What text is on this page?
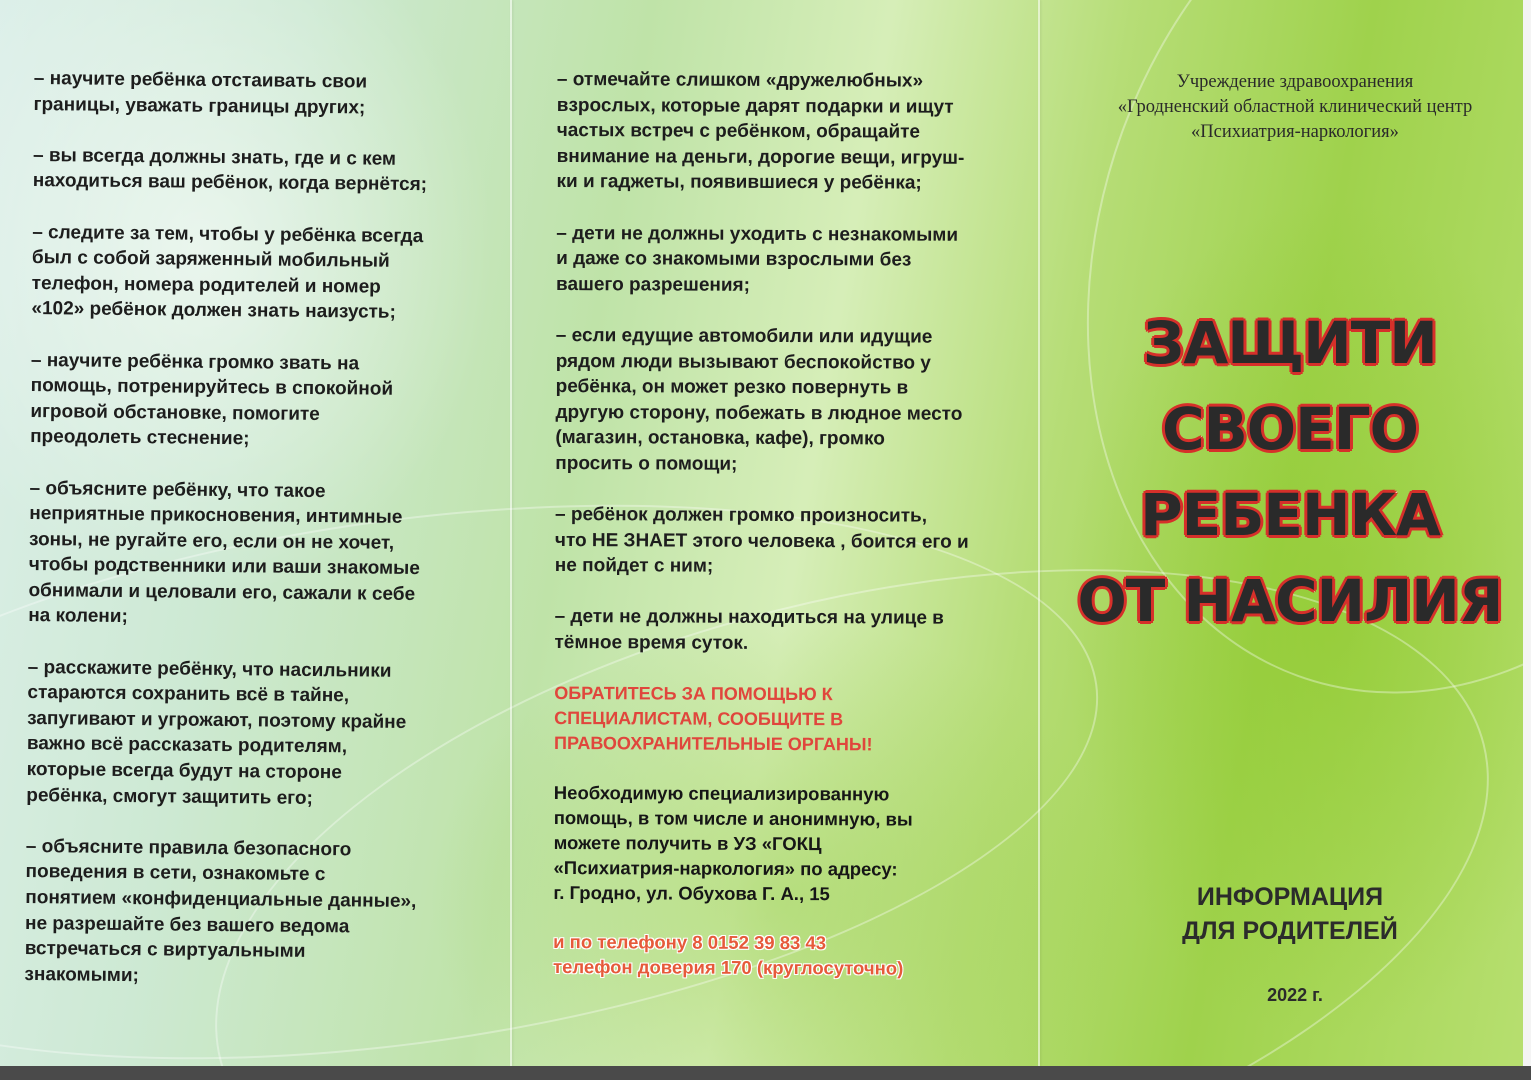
– научите ребёнка отстаивать свои
границы, уважать границы других;

– вы всегда должны знать, где и с кем
находиться ваш ребёнок, когда вернётся;

– следите за тем, чтобы у ребёнка всегда
был с собой заряженный мобильный
телефон, номера родителей и номер
«102» ребёнок должен знать наизусть;

– научите ребёнка громко звать на
помощь, потренируйтесь в спокойной
игровой обстановке, помогите
преодолеть стеснение;

– объясните ребёнку, что такое
неприятные прикосновения, интимные
зоны, не ругайте его, если он не хочет,
чтобы родственники или ваши знакомые
обнимали и целовали его, сажали к себе
на колени;

– расскажите ребёнку, что насильники
стараются сохранить всё в тайне,
запугивают и угрожают, поэтому крайне
важно всё рассказать родителям,
которые всегда будут на стороне
ребёнка, смогут защитить его;

– объясните правила безопасного
поведения в сети, ознакомьте с
понятием «конфиденциальные данные»,
не разрешайте без вашего ведома
встречаться с виртуальными
знакомыми;

– отмечайте слишком «дружелюбных»
взрослых, которые дарят подарки и ищут
частых встреч с ребёнком, обращайте
внимание на деньги, дорогие вещи, игруш-
ки и гаджеты, появившиеся у ребёнка;

– дети не должны уходить с незнакомыми
и даже со знакомыми взрослыми без
вашего разрешения;

– если едущие автомобили или идущие
рядом люди вызывают беспокойство у
ребёнка, он может резко повернуть в
другую сторону, побежать в людное место
(магазин, остановка, кафе), громко
просить о помощи;

– ребёнок должен громко произносить,
что НЕ ЗНАЕТ этого человека , боится его и
не пойдет с ним;

– дети не должны находиться на улице в
тёмное время суток.

ОБРАТИТЕСЬ ЗА ПОМОЩЬЮ К
СПЕЦИАЛИСТАМ, СООБЩИТЕ В
ПРАВООХРАНИТЕЛЬНЫЕ ОРГАНЫ!
Необходимую специализированную
помощь, в том числе и анонимную, вы
можете получить в УЗ «ГОКЦ
«Психиатрия-наркология» по адресу:
г. Гродно, ул. Обухова Г. А., 15
и по телефону 8 0152 39 83 43
телефон доверия 170 (круглосуточно)
Учреждение здравоохранения
«Гродненский областной клинический центр
«Психиатрия-наркология»
ЗАЩИТИ
СВОЕГО
РЕБЕНКА
ОТ НАСИЛИЯ
ИНФОРМАЦИЯ
ДЛЯ РОДИТЕЛЕЙ
2022 г.
